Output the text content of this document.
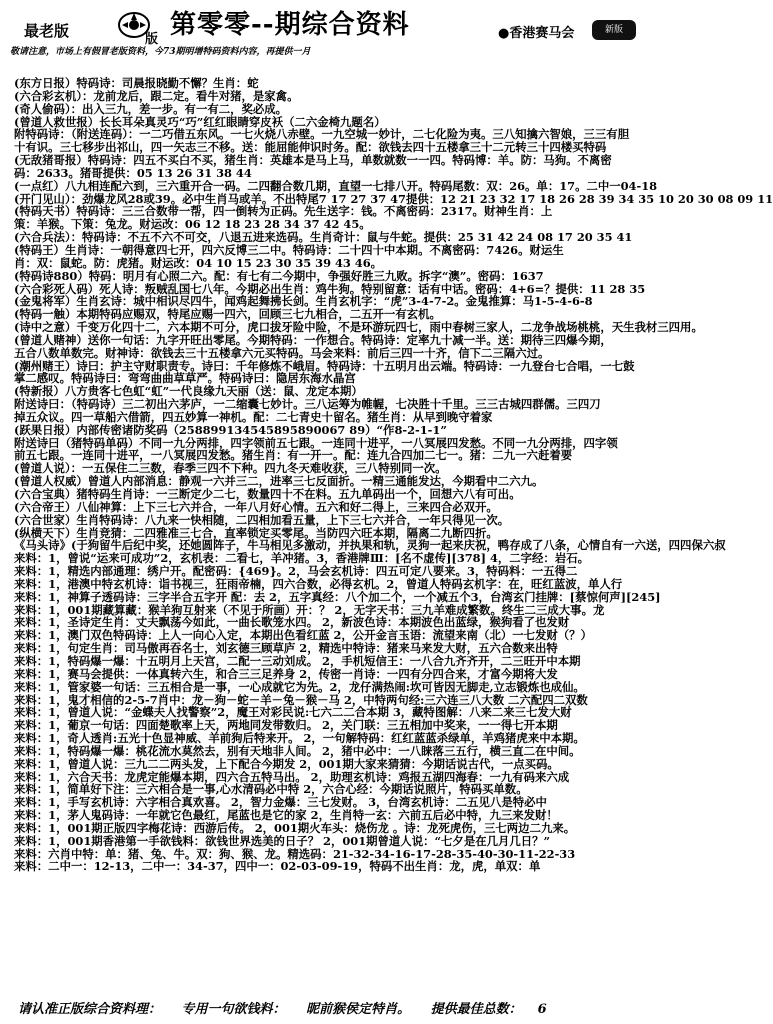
最老版	版 第零零--期综合资料	●香港赛马会	新版
敬请注意，市场上有假冒老版资料，今73期明增特码资料内容，再提供一月
(东方日报）特码诗：司晨报晓勤不懈？生肖：蛇
(六合彩玄机）：龙前龙后，跟二定。看牛对猪，是家禽。
(奇人偷码）：出入三九，差一步。有一有二，奖必成。
(曾道人救世报）长长耳朵真灵巧“巧”红红眼睛穿皮袄（二六金椅九题名）
附特码诗：（附送连码）：一二巧借五东风。一七火烧八赤壁。一九空城一妙计，二七化险为夷。三八知擒六智娘，三三有胆
十有识。三七移步出祁山，四一矢志三不移。送：能屈能伸识时务。配：欲钱去四十五楼拿三十二元转三十四楼买特码
(无敌猪哥报）特码诗：四五不买白不买，猪生肖：英雄本是马上马，单数就数一一四。特码博：羊。防：马狗。不离密
码：2633。猪哥提供：05 13 26 31 38 44
(一点红）八九相连配六到，三六重开合一码。二四翻合数几期，直望一七排八开。特码尾数：双：26。单：17。二中一04-18
(开门见山）：劲爆龙风28或39。必中生肖马或羊。不出特尾7 17 27 37 47提供：12 21 23 32 17 18 26 28 39 34 35 10 20 30 08 09 11
(特码天书）特码诗：三三合数带一帮，四一倒转为正码。先生送字：钱。不离密码：2317。财神生肖：上
策：羊猴。下策：兔龙。财运改：06 12 18 23 28 34 37 42 45。
(六合兵法）：特码诗：不五不六不可交，八退五进来选码。生肖奇计：鼠与牛蛇。提供：25 31 42 24 08 17 20 35 41
(特码王）生肖诗：一朝得意四七开，四六反博三二中。特码诗：二十四十中本期。不离密码：7426。财运生
肖：双：鼠蛇。防：虎猪。财运改：04 10 15 23 30 35 39 43 46。
(特码诗880）特码：明月有心照二六。配：有七有二今期中，争强好胜三九败。拆字“澳”。密码：1637
(六合彩死人码）死人诗：叛贼乱国七八年。今期必出生肖：鸡牛狗。特别留意：话有中话。密码：4+6=？提供：11 28 35
(金鬼将军）生肖玄诗：城中相识尽四牛，闻鸡起舞拂长剑。生肖玄机字：“虎”3-4-7-2。金鬼推算：马1-5-4-6-8
(特码一触）本期特码应赐双，特尾应赐一四六，回顾三七九相合，二五开一有玄机。
(诗中之意）千变万化四十二，六本期不可分，虎口拔牙险中险，不是环游玩四七，雨中春树三家人，二龙争战场桃桃，天生我材三四用。
(曾道人赌神）送你一句话：九字开旺出零尾。今期特码：一作想合。特码诗：定率九十减一半。送：期待三四爆今期，
五合八数单数完。财神诗：欲钱去三十五楼拿六元买特码。马会来料：前后三四一十齐，信下二三隔六过。
(潮州赌王）诗曰：护主守财职责专。诗曰：千年修炼不峨眉。特码诗：十五明月出云端。特码诗：一九登台七合唱，一七鼓
掌二感叹。特码诗曰：弯弯曲曲草草严。特码诗曰：隐居东海水晶宫
(特新报）八方贵客七色虹“虹”一代良缘九天丽（送：鼠、龙定本期）
附送诗曰：（特码诗）三二初出六茅庐，一二缩囊七妙计。三八运筹为帷幄，七决胜十千里。三三古城四群儒。三四刀
掉五众议。四一草船六借箭，四五妙算一神机。配：二七青史十留名。猪生肖：从早到晚守着家
(跃果日报）内部传密诸防奖码（258899134545895890067 89）“作8-2-1-1”
附送诗曰（猪特码单码）不同一九分两排，四字领前五七跟。一连同十进平，一八冥展四发愁。不同一九分两排，四字领
前五七跟。一连同十进平，一八冥展四发愁。猪生肖：有一开一。配：连九合四加二七一。猪：二九一六赶着要
(曾道人说）：一五保住二三数，春季三四不下种。四九冬天难收获，三八特别同一次。
(曾道人权威）曾道人内部消息：静观一六并三二，进率三七反面折。一精三通能发达，今期看中二六九。
(六合宝典）猪特码生肖诗：一三断定少二七，数量四十不在料。五九单码出一个，回想六八有可出。
(六合帝王）八仙神算：上下三七六并合，一年八月好心情。五六和好二得上，三来四合必双开。
(六合世家）生肖特码诗：八九来一快相随，二四相加看五量，上下三七六并合，一年只得见一次。
(纵横天下）生肖竞猜：二四雅准三七合，直率锁定买零尾。当防四六旺本期，隔离二九断四折。
《马头诗》(于狗留牛后纪中奖，还她圆阵子，牛马相见多激动，并执果和轨，灵狗一起来庆祝，鸭存成了八条，心情自有一六送，四四保六叔
来料：1，曾说“运来可成功”2，玄机表：二看七，羊冲猪。3，香港牌Ⅲ：[名不虚传][378] 4，二字经：岩石。
来料：1，精选内部通理：绣户开。配密码：{469}。2，马会玄机诗：四五可定八要来。3，特码料：一五得二
来料：1，港澳中特玄机诗：诣书视三，狂雨帝楠，四六合数，必得玄机。2，曾道人特码玄机字：在，旺红蓝波，单人行
来料：1，神算子透码诗：三字半合五字开 配：去 2，五字真经：八个加二个，一个减五个3，台湾玄门挂牌：[蔡惊何声][245]
来料：1，001期藏算藏：猴羊狗互射来（不见于所画）开：？ 2，无字天书：三九羊难成繁数。终生二三成大事。龙
来料：1，圣诗定生肖：丈夫飘荡今如此，一曲长歌笼水四。 2，新波色诗：本期波色出蓝绿，猴狗看了也发财
来料：1，澳门双色特码诗：上人一向心入定，本期出色看红蓝 2，公开金言玉语：流望来南（北）一七发财（？）
来料：1，句定生肖：司马傲再吞名士，刘玄德三顾草庐 2，精选中特诗：猪来马来发大财，五六合数来出特
来料：1，特码爆一爆：十五明月上天宫，二配一三动刘成。 2，手机短信王：一八合九齐齐开，二三旺开中本期
来料：1，赛马会提供：一体真转六生，和合三三足养身 2，传密一肖诗：一四有分四合来，才富今期将大发
来料：1，管家婆一句话：三五相合是一事，一心成就它为先。2，龙仔满热闹:坎可皆因无脚走,立志锻炼也成仙。
来料：1，鬼才相信的2-5-7肖中：龙－狗－蛇－羊－兔－猴－马 2，中特两句经:三六连三八大数 二六配四二双数
来料：1，曾道人说：“金蝶夫人找警察”2，魔王对彩民说:七六二二合本期 3，藏特图解：八来二来三七发大财
来料：1，葡京一句话：四面楚歌率上天，两地同发带数归。 2，关门联：三五相加中奖来，一一得七开本期
来料：1，奇人透肖:五光十色显神威、羊前狗后特来开。 2，一句解特码：红红蓝蓝杀绿单，羊鸡猪虎来中本期。
来料：1，特码爆一爆：桃花流水莫然去，别有天地非人间。 2，猪中必中：一八睐落三五行，横三直二在中间。
来料：1，曾道人说：三九二二两头发，上下配合今期发 2，001期大家来猜猜：今期话说古代，一点买码。
来料：1，六合天书：龙虎定能爆本期，四六合五特马出。 2，助理玄机诗：鸡报五湖四海春：一九有码来六成
来料：1，简单好下注：三六相合是一事,心水清码必中特 2，六合心经：今期话说照片，特码买单数。
来料：1，手写玄机诗：六字相合真欢喜。 2，智力金爆：三七发财。 3，台湾玄机诗：二五见八是特必中
来料：1，茅人鬼码诗：一年就它色最红，尾蓝也是它的家 2，生肖特一玄：六前五后必中特，九三来发财！
来料：1，001期正版四字梅花诗：西游后传。 2，001期火车头：烧伤龙 。诗：龙死虎伤，三七两边二九来。
来料：1，001期香港第一手欲钱料：欲钱世界选美的日子？ 2，001期曾道人说：“七夕是在几月几日？”
来料：六肖中特：单：猪、兔、牛。双：狗、猴、龙。精选码：21-32-34-16-17-28-35-40-30-11-22-33
来料：二中一：12-13，二中一：34-37，四中一：02-03-09-19，特码不出生肖：龙，虎，单双：单
请认准正版综合资料理： 专用一句欲钱料： 昵前猴侯定特肖。 提供最佳总数： 6
